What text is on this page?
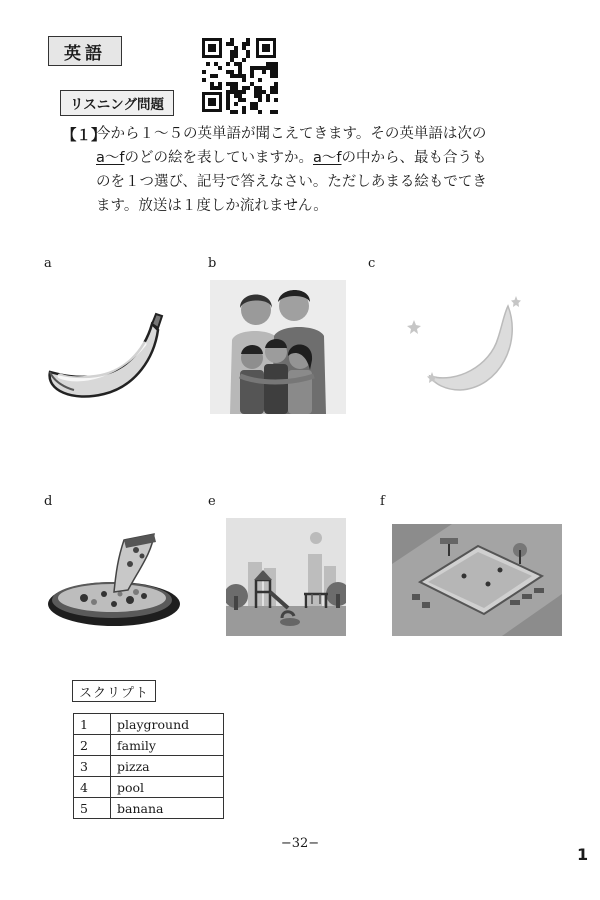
英語
リスニング問題
【１】
今から１～５の英単語が聞こえてきます。その英単語は次の
a～fのどの絵を表していますか。a～fの中から、最も合うも
のを１つ選び、記号で答えなさい。ただしあまる絵もでてき
ます。放送は１度しか流れません。
a	b	c
d	e	f
スクリプト
1	playground
2	family
3	pizza
4	pool
5	banana
−32−
1
